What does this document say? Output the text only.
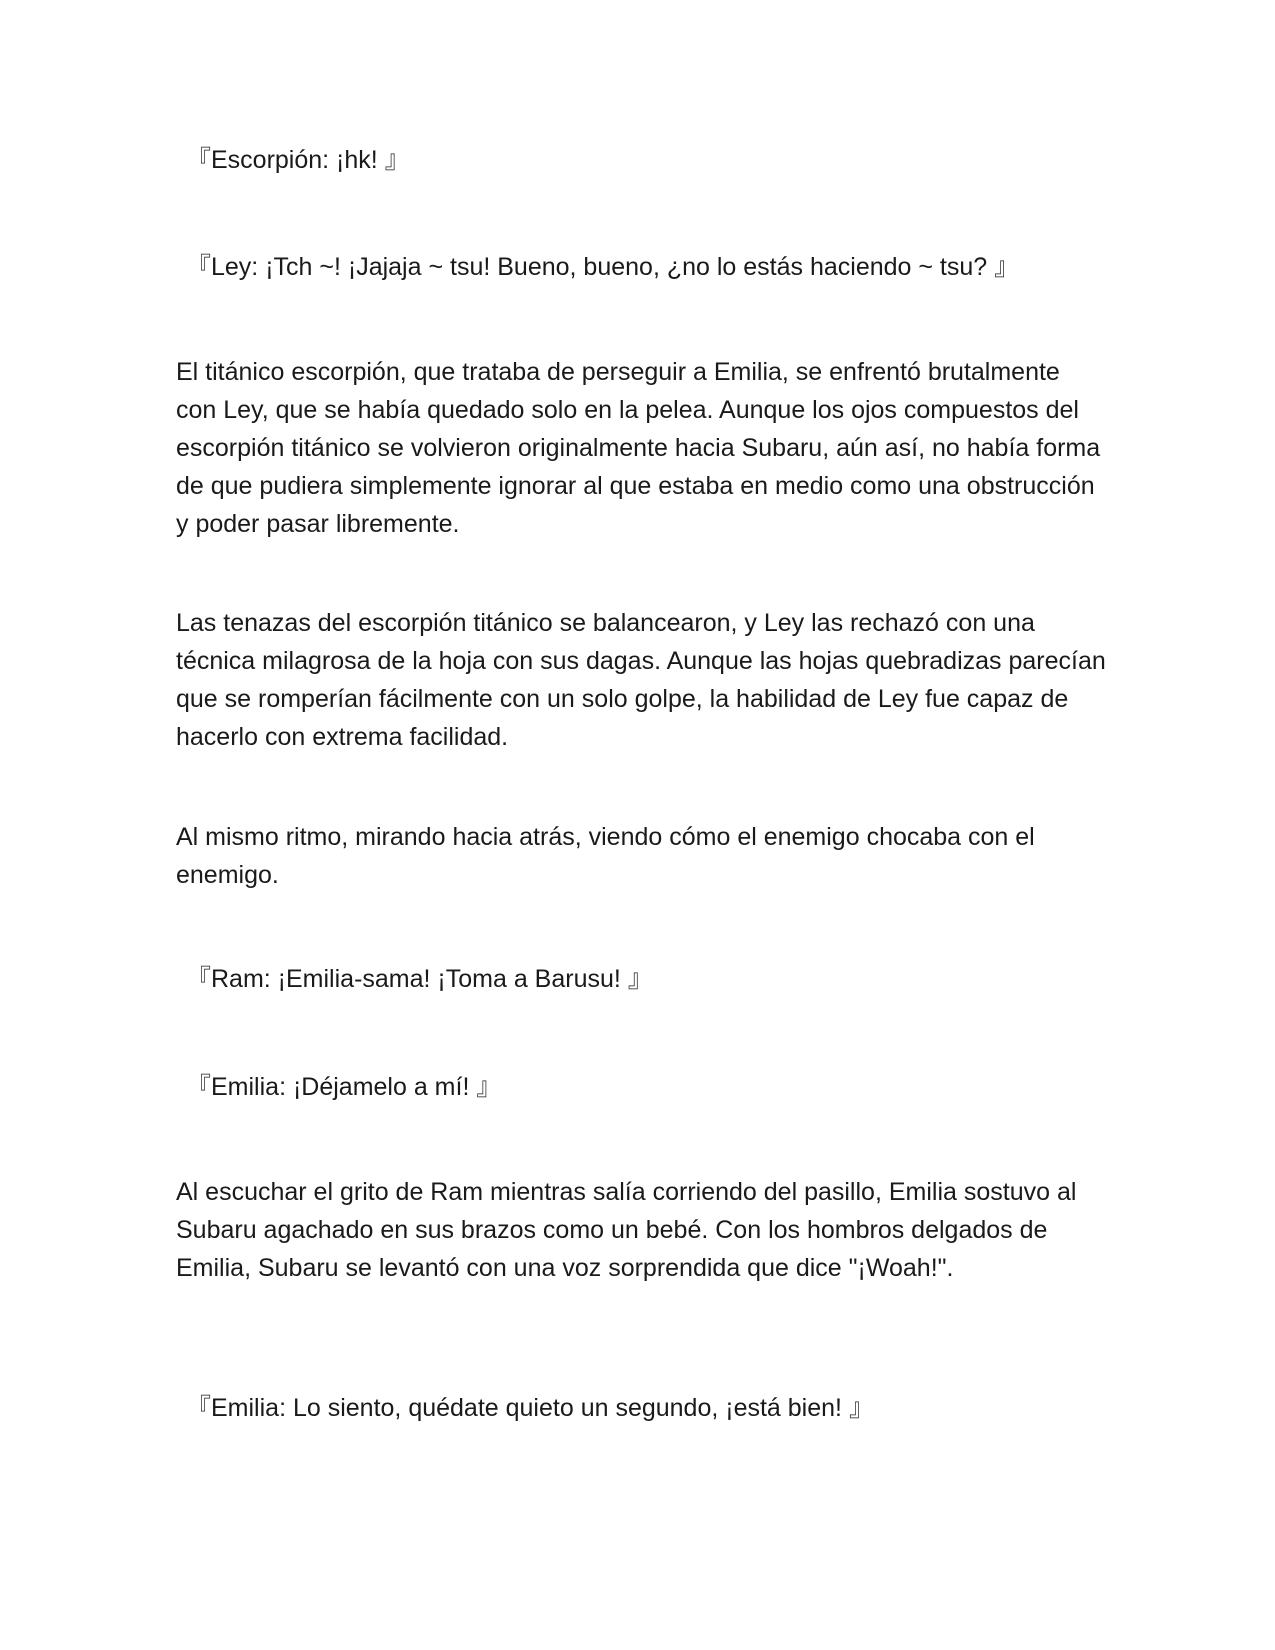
『Escorpión: ¡hk! 』

『Ley: ¡Tch ~! ¡Jajaja ~ tsu! Bueno, bueno, ¿no lo estás haciendo ~ tsu? 』

El titánico escorpión, que trataba de perseguir a Emilia, se enfrentó brutalmente con Ley, que se había quedado solo en la pelea. Aunque los ojos compuestos del escorpión titánico se volvieron originalmente hacia Subaru, aún así, no había forma de que pudiera simplemente ignorar al que estaba en medio como una obstrucción y poder pasar libremente.

Las tenazas del escorpión titánico se balancearon, y Ley las rechazó con una técnica milagrosa de la hoja con sus dagas. Aunque las hojas quebradizas parecían que se romperían fácilmente con un solo golpe, la habilidad de Ley fue capaz de hacerlo con extrema facilidad.

Al mismo ritmo, mirando hacia atrás, viendo cómo el enemigo chocaba con el enemigo.

『Ram: ¡Emilia-sama! ¡Toma a Barusu! 』

『Emilia: ¡Déjamelo a mí! 』

Al escuchar el grito de Ram mientras salía corriendo del pasillo, Emilia sostuvo al Subaru agachado en sus brazos como un bebé. Con los hombros delgados de Emilia, Subaru se levantó con una voz sorprendida que dice "¡Woah!".

『Emilia: Lo siento, quédate quieto un segundo, ¡está bien! 』
